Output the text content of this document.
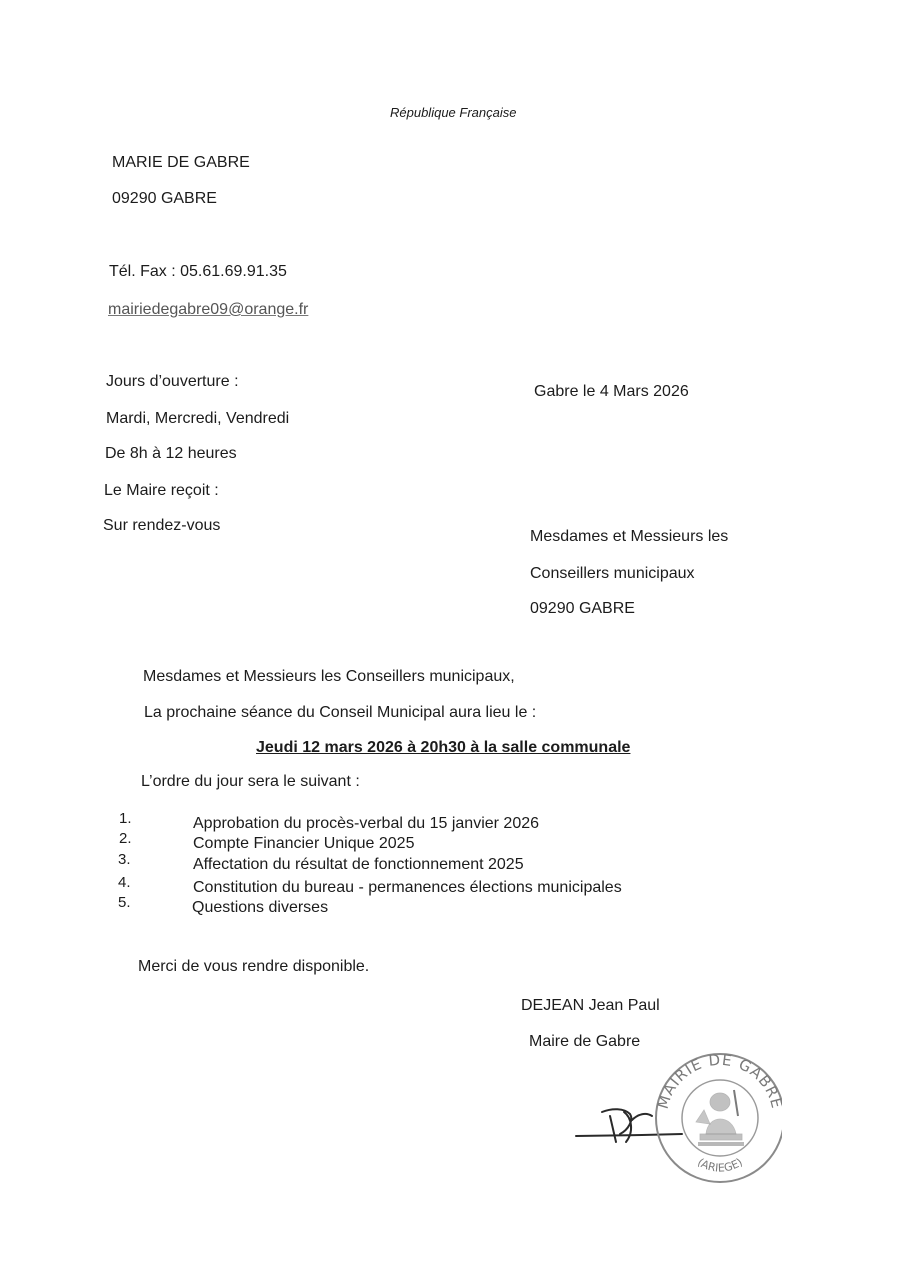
République Française
MARIE DE GABRE
09290 GABRE
Tél. Fax : 05.61.69.91.35
mairiedegabre09@orange.fr
Jours d’ouverture :
Mardi, Mercredi, Vendredi
De 8h à 12 heures
Le Maire reçoit :
Sur rendez-vous
Gabre le 4 Mars 2026
Mesdames et Messieurs les
Conseillers municipaux
09290 GABRE
Mesdames et Messieurs les Conseillers municipaux,
La prochaine séance du Conseil Municipal aura lieu le :
Jeudi 12 mars 2026 à 20h30 à la salle communale
L’ordre du jour sera le suivant :
1.	Approbation du procès-verbal du 15 janvier 2026
2.	Compte Financier Unique 2025
3.	Affectation du résultat de fonctionnement 2025
4.	Constitution du bureau - permanences élections municipales
5.	Questions diverses
Merci de vous rendre disponible.
DEJEAN Jean Paul
Maire de Gabre
MAIRIE DE GABR
(ARIEGE)
